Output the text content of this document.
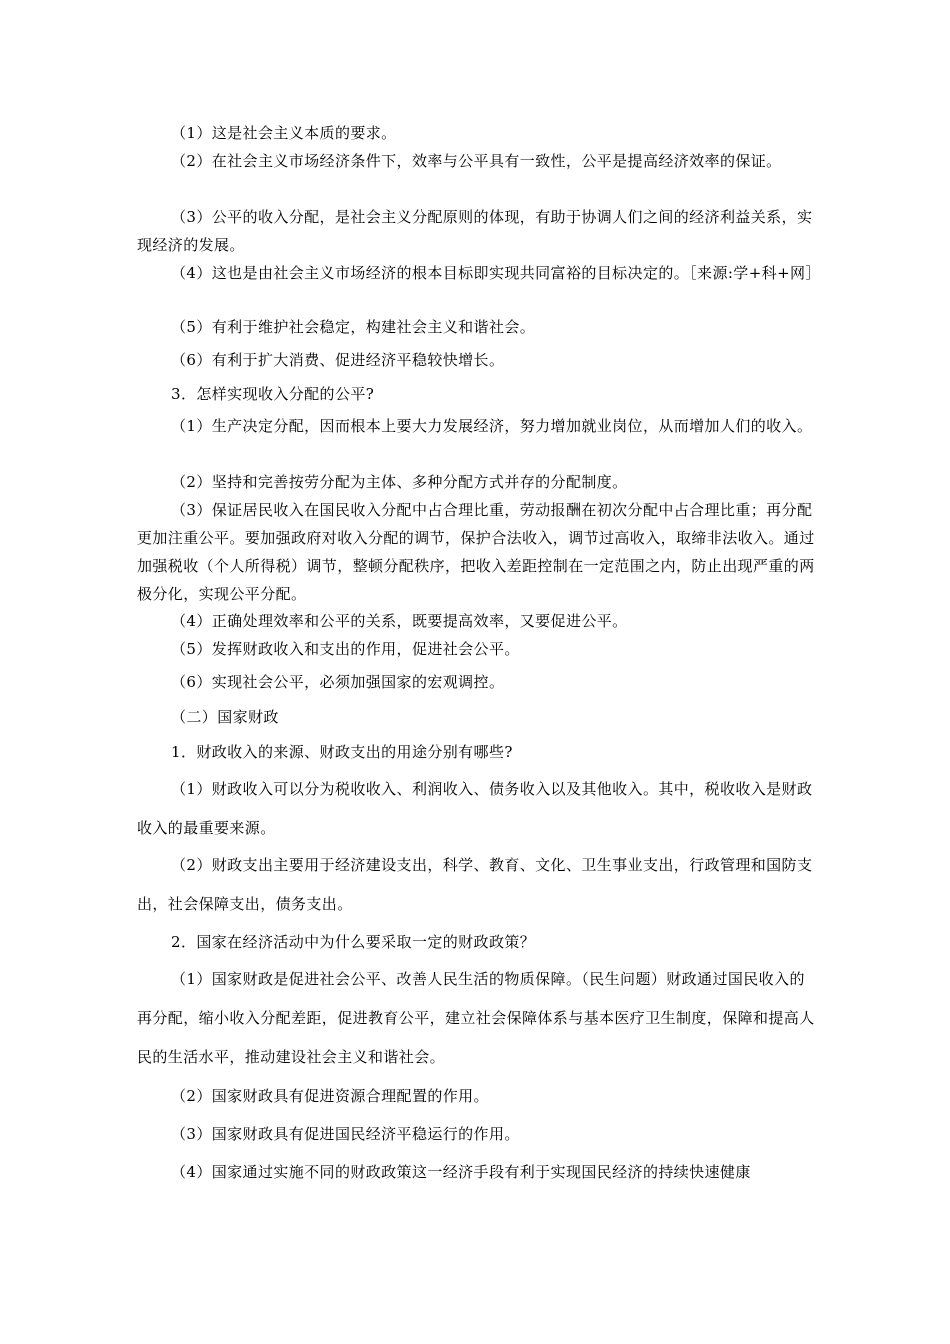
（1）这是社会主义本质的要求。

（2）在社会主义市场经济条件下，效率与公平具有一致性，公平是提高经济效率的保证。

（3）公平的收入分配，是社会主义分配原则的体现，有助于协调人们之间的经济利益关系，实现经济的发展。

（4）这也是由社会主义市场经济的根本目标即实现共同富裕的目标决定的。［来源:学+科+网］

（5）有利于维护社会稳定，构建社会主义和谐社会。

（6）有利于扩大消费、促进经济平稳较快增长。

3．怎样实现收入分配的公平?

（1）生产决定分配，因而根本上要大力发展经济，努力增加就业岗位，从而增加人们的收入。

（2）坚持和完善按劳分配为主体、多种分配方式并存的分配制度。

（3）保证居民收入在国民收入分配中占合理比重，劳动报酬在初次分配中占合理比重；再分配更加注重公平。要加强政府对收入分配的调节，保护合法收入，调节过高收入，取缔非法收入。通过加强税收（个人所得税）调节，整顿分配秩序，把收入差距控制在一定范围之内，防止出现严重的两极分化，实现公平分配。

（4）正确处理效率和公平的关系，既要提高效率，又要促进公平。

（5）发挥财政收入和支出的作用，促进社会公平。

（6）实现社会公平，必须加强国家的宏观调控。

（二）国家财政

1．财政收入的来源、财政支出的用途分别有哪些?

（1）财政收入可以分为税收收入、利润收入、债务收入以及其他收入。其中，税收收入是财政收入的最重要来源。

（2）财政支出主要用于经济建设支出，科学、教育、文化、卫生事业支出，行政管理和国防支出，社会保障支出，债务支出。

2．国家在经济活动中为什么要采取一定的财政政策？

（1）国家财政是促进社会公平、改善人民生活的物质保障。（民生问题）财政通过国民收入的再分配，缩小收入分配差距，促进教育公平，建立社会保障体系与基本医疗卫生制度，保障和提高人民的生活水平，推动建设社会主义和谐社会。

（2）国家财政具有促进资源合理配置的作用。

（3）国家财政具有促进国民经济平稳运行的作用。

（4）国家通过实施不同的财政政策这一经济手段有利于实现国民经济的持续快速健康
